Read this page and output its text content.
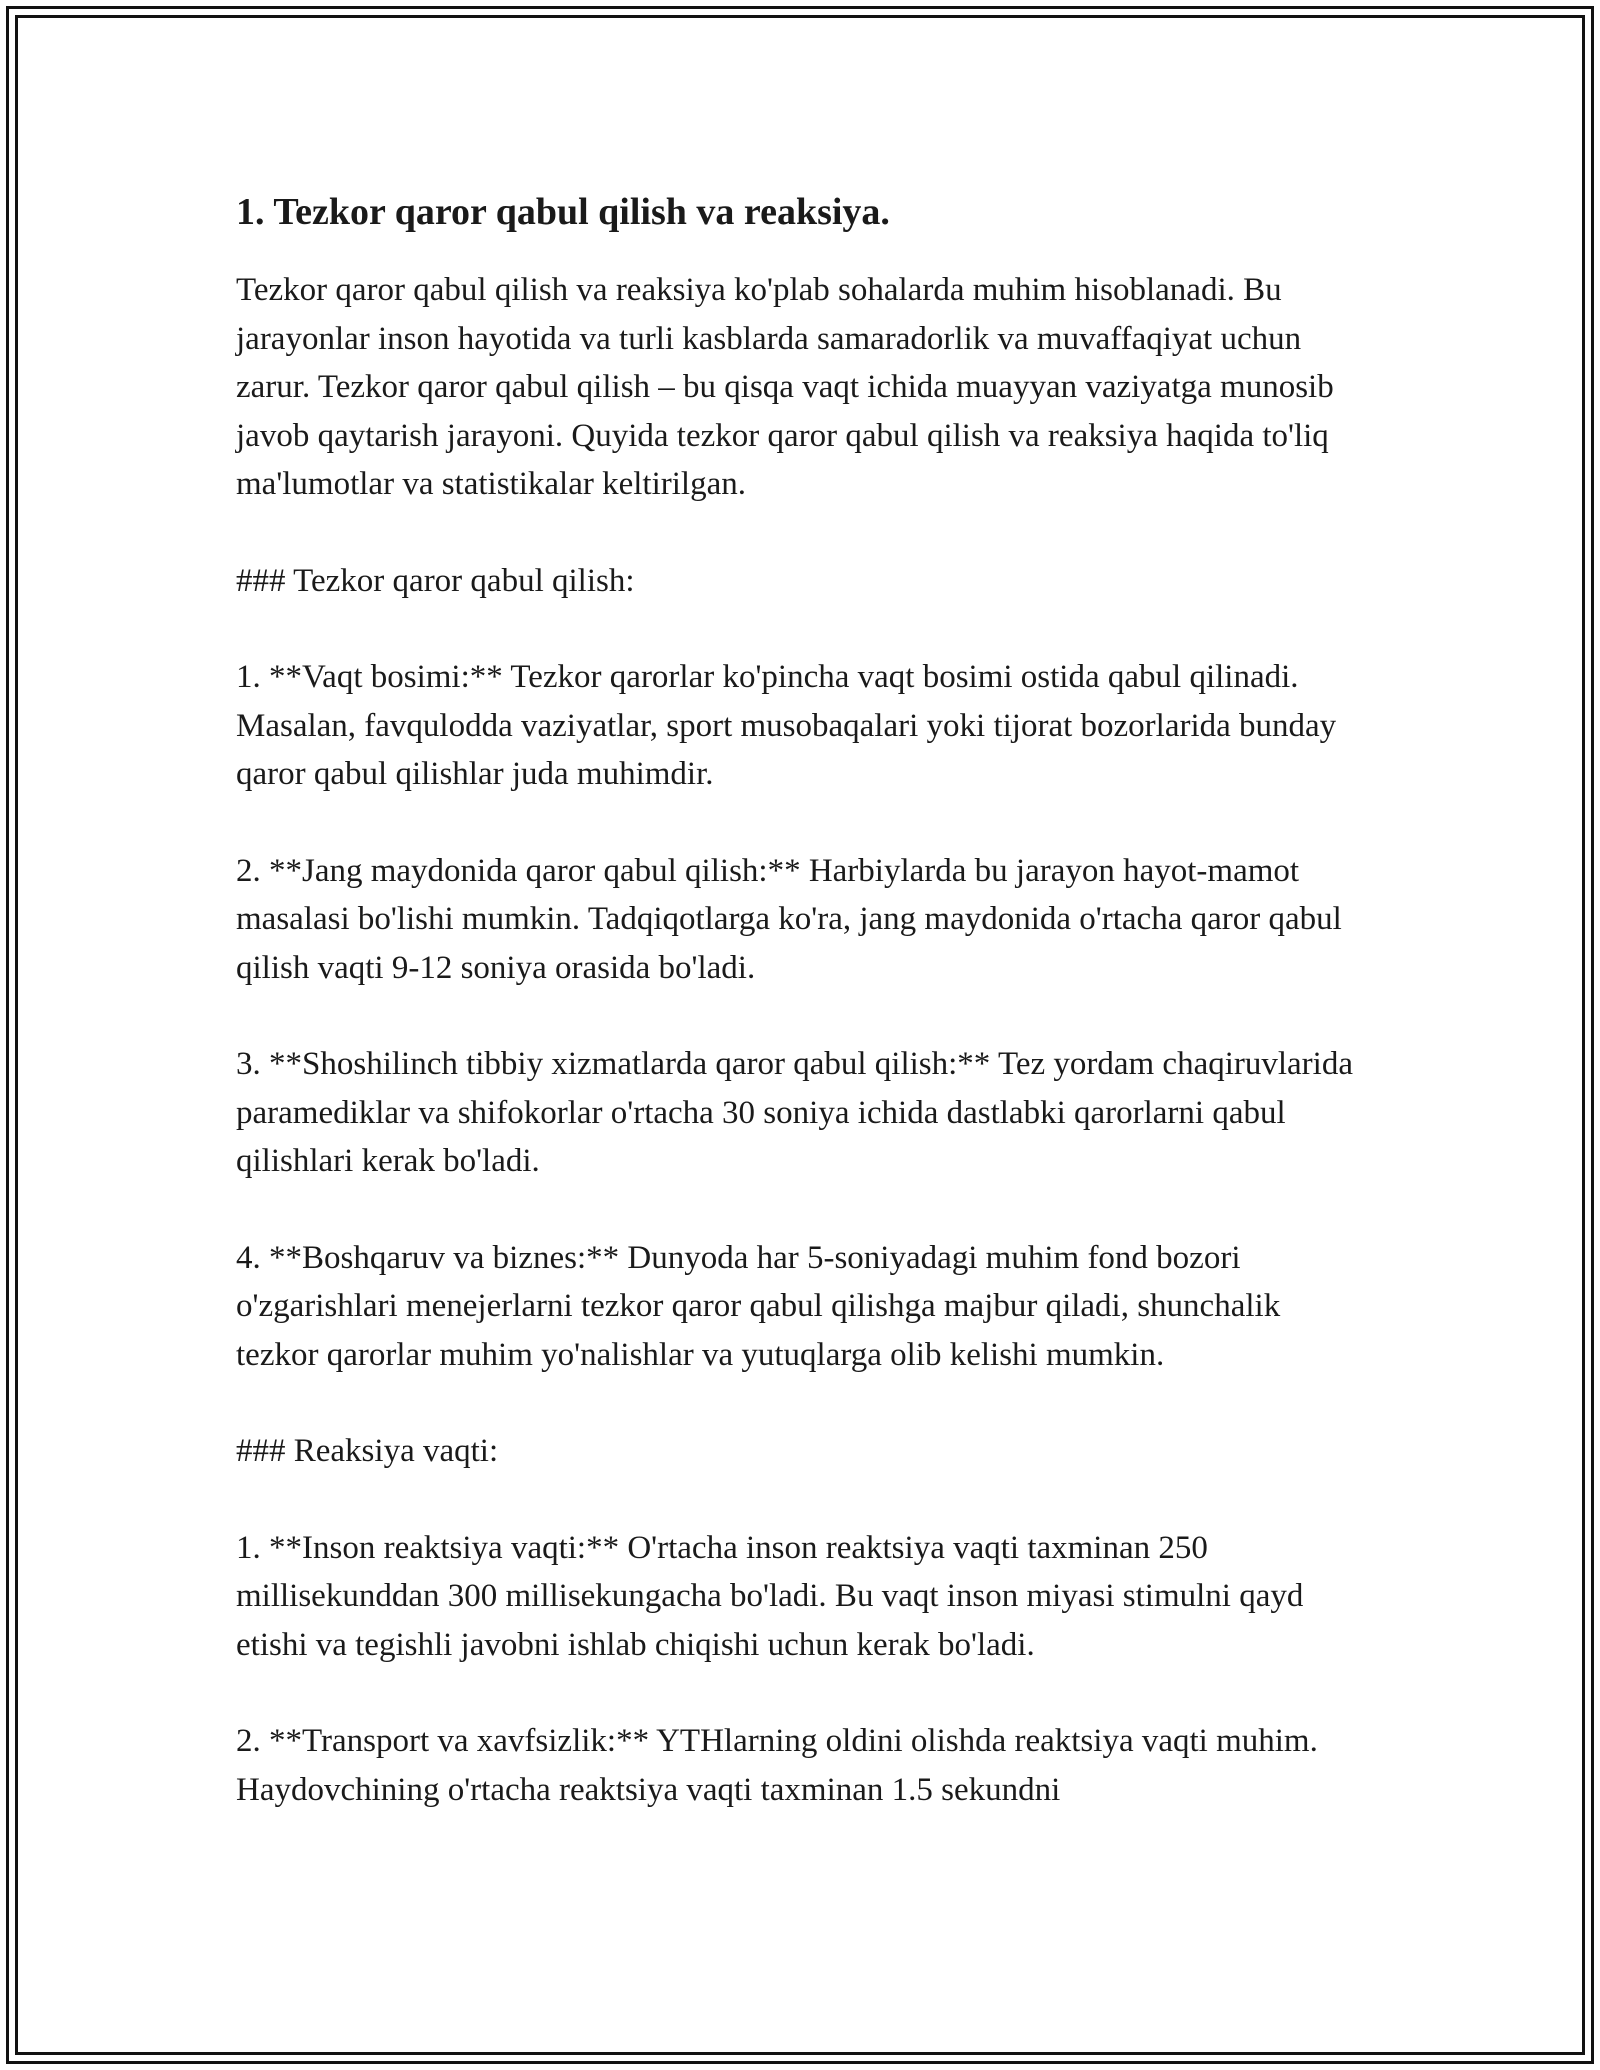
1. Tezkor qaror qabul qilish va reaksiya.

Tezkor qaror qabul qilish va reaksiya ko'plab sohalarda muhim hisoblanadi. Bu jarayonlar inson hayotida va turli kasblarda samaradorlik va muvaffaqiyat uchun zarur. Tezkor qaror qabul qilish – bu qisqa vaqt ichida muayyan vaziyatga munosib javob qaytarish jarayoni. Quyida tezkor qaror qabul qilish va reaksiya haqida to'liq ma'lumotlar va statistikalar keltirilgan.

### Tezkor qaror qabul qilish:

1. **Vaqt bosimi:** Tezkor qarorlar ko'pincha vaqt bosimi ostida qabul qilinadi. Masalan, favqulodda vaziyatlar, sport musobaqalari yoki tijorat bozorlarida bunday qaror qabul qilishlar juda muhimdir.

2. **Jang maydonida qaror qabul qilish:** Harbiylarda bu jarayon hayot-mamot masalasi bo'lishi mumkin. Tadqiqotlarga ko'ra, jang maydonida o'rtacha qaror qabul qilish vaqti 9-12 soniya orasida bo'ladi.

3. **Shoshilinch tibbiy xizmatlarda qaror qabul qilish:** Tez yordam chaqiruvlarida paramediklar va shifokorlar o'rtacha 30 soniya ichida dastlabki qarorlarni qabul qilishlari kerak bo'ladi.

4. **Boshqaruv va biznes:** Dunyoda har 5-soniyadagi muhim fond bozori o'zgarishlari menejerlarni tezkor qaror qabul qilishga majbur qiladi, shunchalik tezkor qarorlar muhim yo'nalishlar va yutuqlarga olib kelishi mumkin.

### Reaksiya vaqti:

1. **Inson reaktsiya vaqti:** O'rtacha inson reaktsiya vaqti taxminan 250 millisekunddan 300 millisekungacha bo'ladi. Bu vaqt inson miyasi stimulni qayd etishi va tegishli javobni ishlab chiqishi uchun kerak bo'ladi.

2. **Transport va xavfsizlik:** YTHlarning oldini olishda reaktsiya vaqti muhim. Haydovchining o'rtacha reaktsiya vaqti taxminan 1.5 sekundni
